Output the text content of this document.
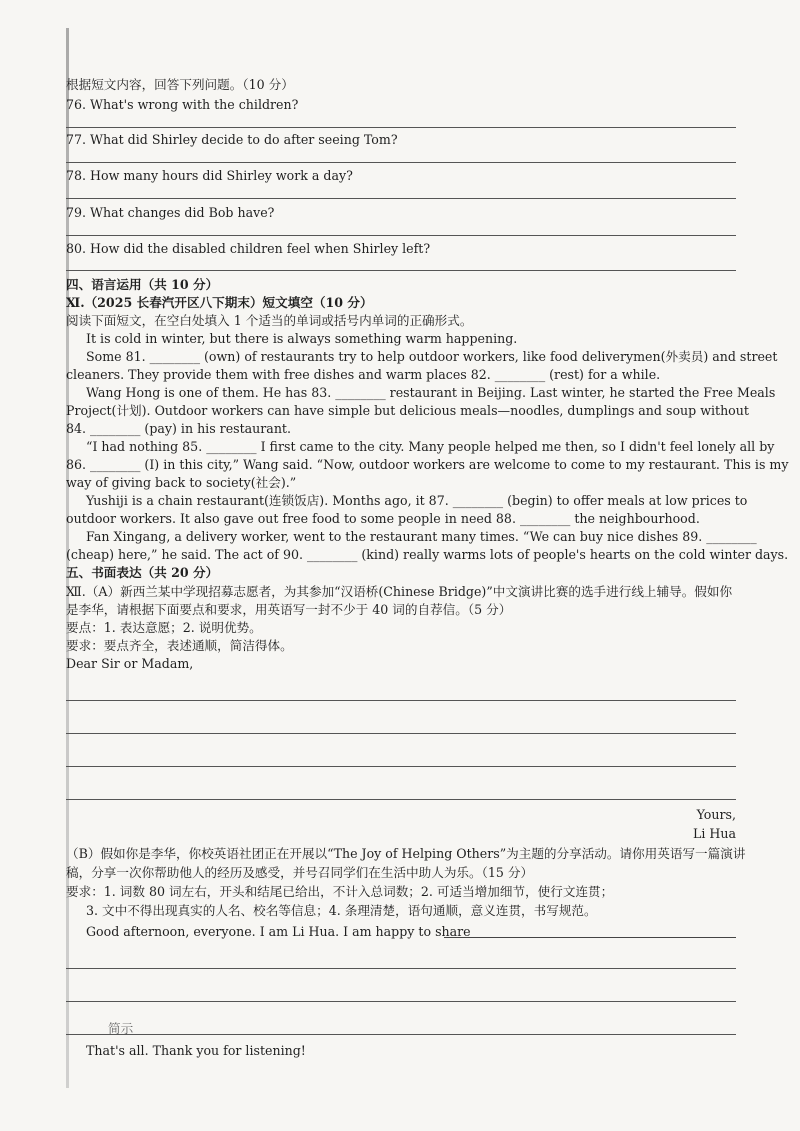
根据短文内容，回答下列问题。（10 分）
76. What's wrong with the children?
77. What did Shirley decide to do after seeing Tom?
78. How many hours did Shirley work a day?
79. What changes did Bob have?
80. How did the disabled children feel when Shirley left?
四、语言运用（共 10 分）
Ⅺ.（2025 长春汽开区八下期末）短文填空（10 分）
阅读下面短文，在空白处填入 1 个适当的单词或括号内单词的正确形式。
It is cold in winter, but there is always something warm happening.
Some 81. ________ (own) of restaurants try to help outdoor workers, like food deliverymen(外卖员) and street
cleaners. They provide them with free dishes and warm places 82. ________ (rest) for a while.
Wang Hong is one of them. He has 83. ________ restaurant in Beijing. Last winter, he started the Free Meals
Project(计划). Outdoor workers can have simple but delicious meals—noodles, dumplings and soup without
84. ________ (pay) in his restaurant.
“I had nothing 85. ________ I first came to the city. Many people helped me then, so I didn't feel lonely all by
86. ________ (I) in this city,” Wang said. “Now, outdoor workers are welcome to come to my restaurant. This is my
way of giving back to society(社会).”
Yushiji is a chain restaurant(连锁饭店). Months ago, it 87. ________ (begin) to offer meals at low prices to
outdoor workers. It also gave out free food to some people in need 88. ________ the neighbourhood.
Fan Xingang, a delivery worker, went to the restaurant many times. “We can buy nice dishes 89. ________
(cheap) here,” he said. The act of 90. ________ (kind) really warms lots of people's hearts on the cold winter days.
五、书面表达（共 20 分）
Ⅻ.（A）新西兰某中学现招募志愿者，为其参加“汉语桥(Chinese Bridge)”中文演讲比赛的选手进行线上辅导。假如你
是李华，请根据下面要点和要求，用英语写一封不少于 40 词的自荐信。（5 分）
要点：1. 表达意愿；2. 说明优势。
要求：要点齐全，表述通顺，简洁得体。
Dear Sir or Madam,
Yours,
Li Hua
（B）假如你是李华，你校英语社团正在开展以“The Joy of Helping Others”为主题的分享活动。请你用英语写一篇演讲
稿，分享一次你帮助他人的经历及感受，并号召同学们在生活中助人为乐。（15 分）
要求：1. 词数 80 词左右，开头和结尾已给出，不计入总词数；2. 可适当增加细节，使行文连贯；
3. 文中不得出现真实的人名、校名等信息；4. 条理清楚，语句通顺，意义连贯，书写规范。
Good afternoon, everyone. I am Li Hua. I am happy to share
简示
That's all. Thank you for listening!
